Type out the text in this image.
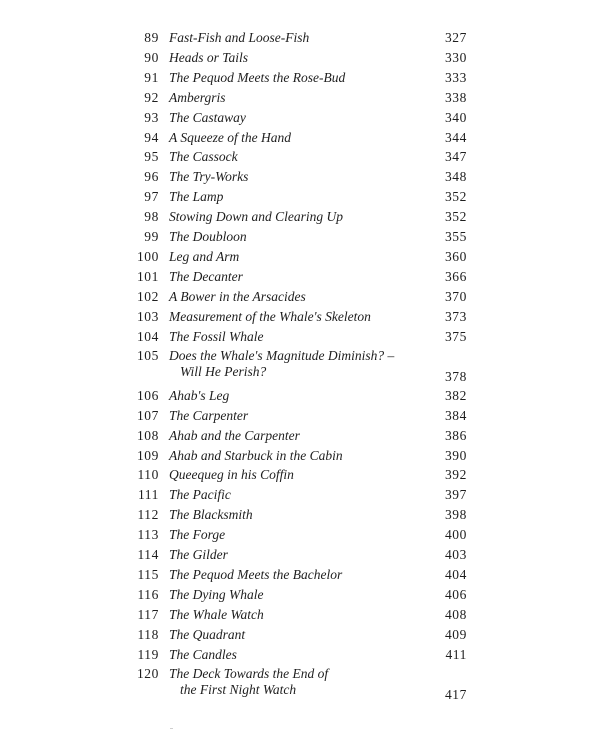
89 Fast-Fish and Loose-Fish	327
90 Heads or Tails	330
91 The Pequod Meets the Rose-Bud	333
92 Ambergris	338
93 The Castaway	340
94 A Squeeze of the Hand	344
95 The Cassock	347
96 The Try-Works	348
97 The Lamp	352
98 Stowing Down and Clearing Up	352
99 The Doubloon	355
100 Leg and Arm	360
101 The Decanter	366
102 A Bower in the Arsacides	370
103 Measurement of the Whale's Skeleton	373
104 The Fossil Whale	375
105 Does the Whale's Magnitude Diminish? –
Will He Perish?	378
106 Ahab's Leg	382
107 The Carpenter	384
108 Ahab and the Carpenter	386
109 Ahab and Starbuck in the Cabin	390
110 Queequeg in his Coffin	392
111 The Pacific	397
112 The Blacksmith	398
113 The Forge	400
114 The Gilder	403
115 The Pequod Meets the Bachelor	404
116 The Dying Whale	406
117 The Whale Watch	408
118 The Quadrant	409
119 The Candles	411
120 The Deck Towards the End of
the First Night Watch	417
